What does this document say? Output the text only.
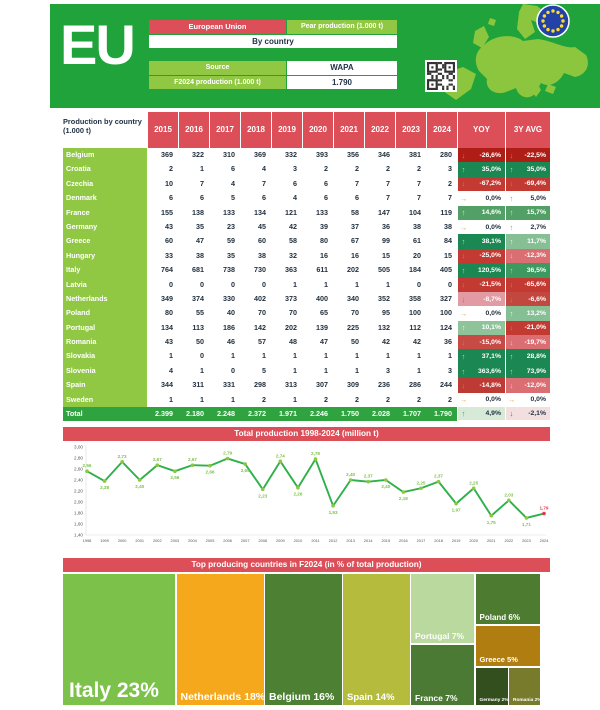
EU	European Union	Pear production (1.000 t)
By country
Source	WAPA
F2024 production (1.000 t)	1.790
Production by country
(1.000 t)	2015	2016	2017	2018	2019	2020	2021	2022	2023	2024	YOY	3Y AVG
Belgium	369	322	310	369	332	393	356	346	381	280	↓	-26,6%	↓	-22,5%
Croatia	2	1	6	4	3	2	2	2	2	3	↑	35,0%	↑	35,0%
Czechia	10	7	4	7	6	6	7	7	7	2	↓	-67,2%	↓	-69,4%
Denmark	6	6	5	6	4	6	6	7	7	7	→	0,0%	↑	5,0%
France	155	138	133	134	121	133	58	147	104	119	↑	14,6%	↑	15,7%
Germany	43	35	23	45	42	39	37	36	38	38	→	0,0%	↑	2,7%
Greece	60	47	59	60	58	80	67	99	61	84	↑	38,1%	↑	11,7%
Hungary	33	38	35	38	32	16	16	15	20	15	↓	-25,0%	↓	-12,3%
Italy	764	681	738	730	363	611	202	505	184	405	↑	120,5%	↑	36,5%
Latvia	0	0	0	0	1	1	1	1	0	0	↓	-21,5%	↓	-65,6%
Netherlands	349	374	330	402	373	400	340	352	358	327	↓	-8,7%	↓	-6,6%
Poland	80	55	40	70	70	65	70	95	100	100	→	0,0%	↑	13,2%
Portugal	134	113	186	142	202	139	225	132	112	124	↑	10,1%	↓	-21,0%
Romania	43	50	46	57	48	47	50	42	42	36	↓	-15,0%	↓	-19,7%
Slovakia	1	0	1	1	1	1	1	1	1	1	↑	37,1%	↑	28,8%
Slovenia	4	1	0	5	1	1	1	3	1	3	↑	363,6%	↑	73,9%
Spain	344	311	331	298	313	307	309	236	286	244	↓	-14,8%	↓	-12,0%
Sweden	1	1	1	2	1	2	2	2	2	2	→	0,0% →	0,0%
Total	2.399	2.180	2.248	2.372	1.971	2.246	1.750	2.028	1.707	1.790	↑	4,9%	↓	-2,1%
Total production 1998-2024 (million t)
3,00
2,80
2,60
2,40
2,20
2,00
1,80
1,60
1,40
2,56
1998
2,38
1999
2,73
2000
2,40
2001
2,67
2002
2,56
2003
2,67
2004
2,66
2005
2,79
2006
2,69
2007
2,23
2008
2,74
2009
2,26
2010
2,78
2011
1,93
2012
2,40
2013
2,37
2014
2,40
2015
2,18
2016
2,25
2017
2,37
2018
1,97
2019
2,25
2020
1,75
2021
2,03
2022
1,71
2023
1,79
2024
Top producing countries in F2024 (in % of total production)
Italy 23% Netherlands 18% Belgium 16% Spain 14%
Portugal 7%
France 7%
Poland 6%
Greece 5%
Germany 2% Romania 2%
